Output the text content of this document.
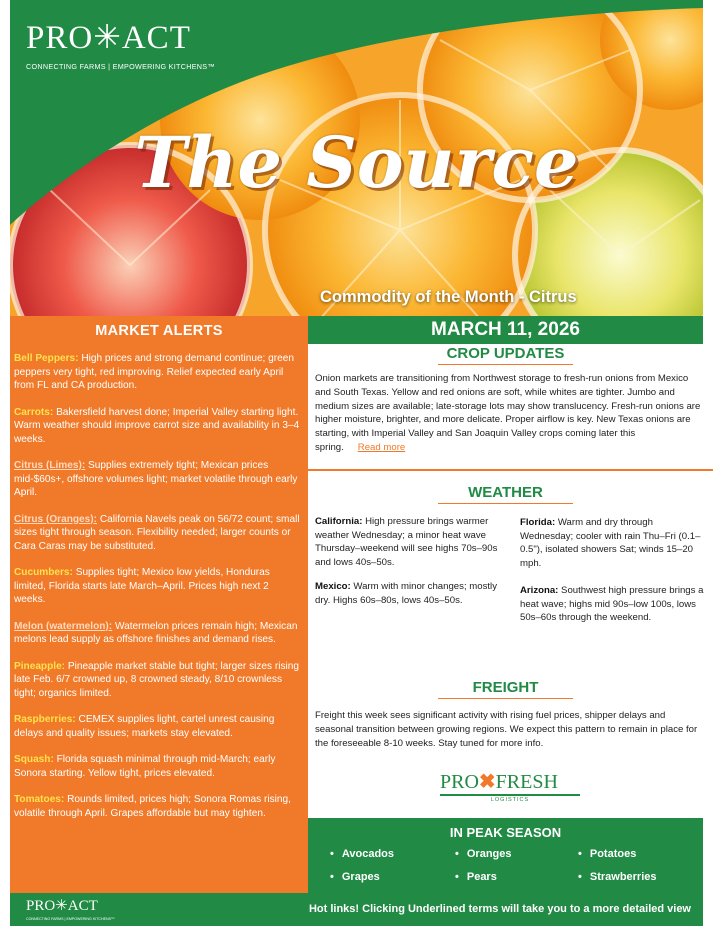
PRO✳ACT
CONNECTING FARMS | EMPOWERING KITCHENS™
The Source
Commodity of the Month - Citrus
MARKET ALERTS
Bell Peppers: High prices and strong demand continue; green peppers very tight, red improving. Relief expected early April from FL and CA production.
Carrots: Bakersfield harvest done; Imperial Valley starting light. Warm weather should improve carrot size and availability in 3–4 weeks.
Citrus (Limes): Supplies extremely tight; Mexican prices mid-$60s+, offshore volumes light; market volatile through early April.
Citrus (Oranges): California Navels peak on 56/72 count; small sizes tight through season. Flexibility needed; larger counts or Cara Caras may be substituted.
Cucumbers: Supplies tight; Mexico low yields, Honduras limited, Florida starts late March–April. Prices high next 2 weeks.
Melon (watermelon): Watermelon prices remain high; Mexican melons lead supply as offshore finishes and demand rises.
Pineapple: Pineapple market stable but tight; larger sizes rising late Feb. 6/7 crowned up, 8 crowned steady, 8/10 crownless tight; organics limited.
Raspberries: CEMEX supplies light, cartel unrest causing delays and quality issues; markets stay elevated.
Squash: Florida squash minimal through mid-March; early Sonora starting. Yellow tight, prices elevated.
Tomatoes: Rounds limited, prices high; Sonora Romas rising, volatile through April. Grapes affordable but may tighten.
MARCH 11, 2026
CROP UPDATES
Onion markets are transitioning from Northwest storage to fresh-run onions from Mexico and South Texas. Yellow and red onions are soft, while whites are tighter. Jumbo and medium sizes are available; late-storage lots may show translucency. Fresh-run onions are higher moisture, brighter, and more delicate. Proper airflow is key. New Texas onions are starting, with Imperial Valley and San Joaquin Valley crops coming later this spring. Read more
WEATHER
California: High pressure brings warmer weather Wednesday; a minor heat wave Thursday–weekend will see highs 70s–90s and lows 40s–50s.
Mexico: Warm with minor changes; mostly dry. Highs 60s–80s, lows 40s–50s.
Florida: Warm and dry through Wednesday; cooler with rain Thu–Fri (0.1–0.5"), isolated showers Sat; winds 15–20 mph.
Arizona: Southwest high pressure brings a heat wave; highs mid 90s–low 100s, lows 50s–60s through the weekend.
FREIGHT
Freight this week sees significant activity with rising fuel prices, shipper delays and seasonal transition between growing regions. We expect this pattern to remain in place for the foreseeable 8-10 weeks. Stay tuned for more info.
PRO✖FRESH
LOGISTICS
IN PEAK SEASON
• Avocados	• Oranges	• Potatoes
• Grapes	• Pears	• Strawberries
PRO✳ACT
CONNECTING FARMS | EMPOWERING KITCHENS™
Hot links! Clicking Underlined terms will take you to a more detailed view
